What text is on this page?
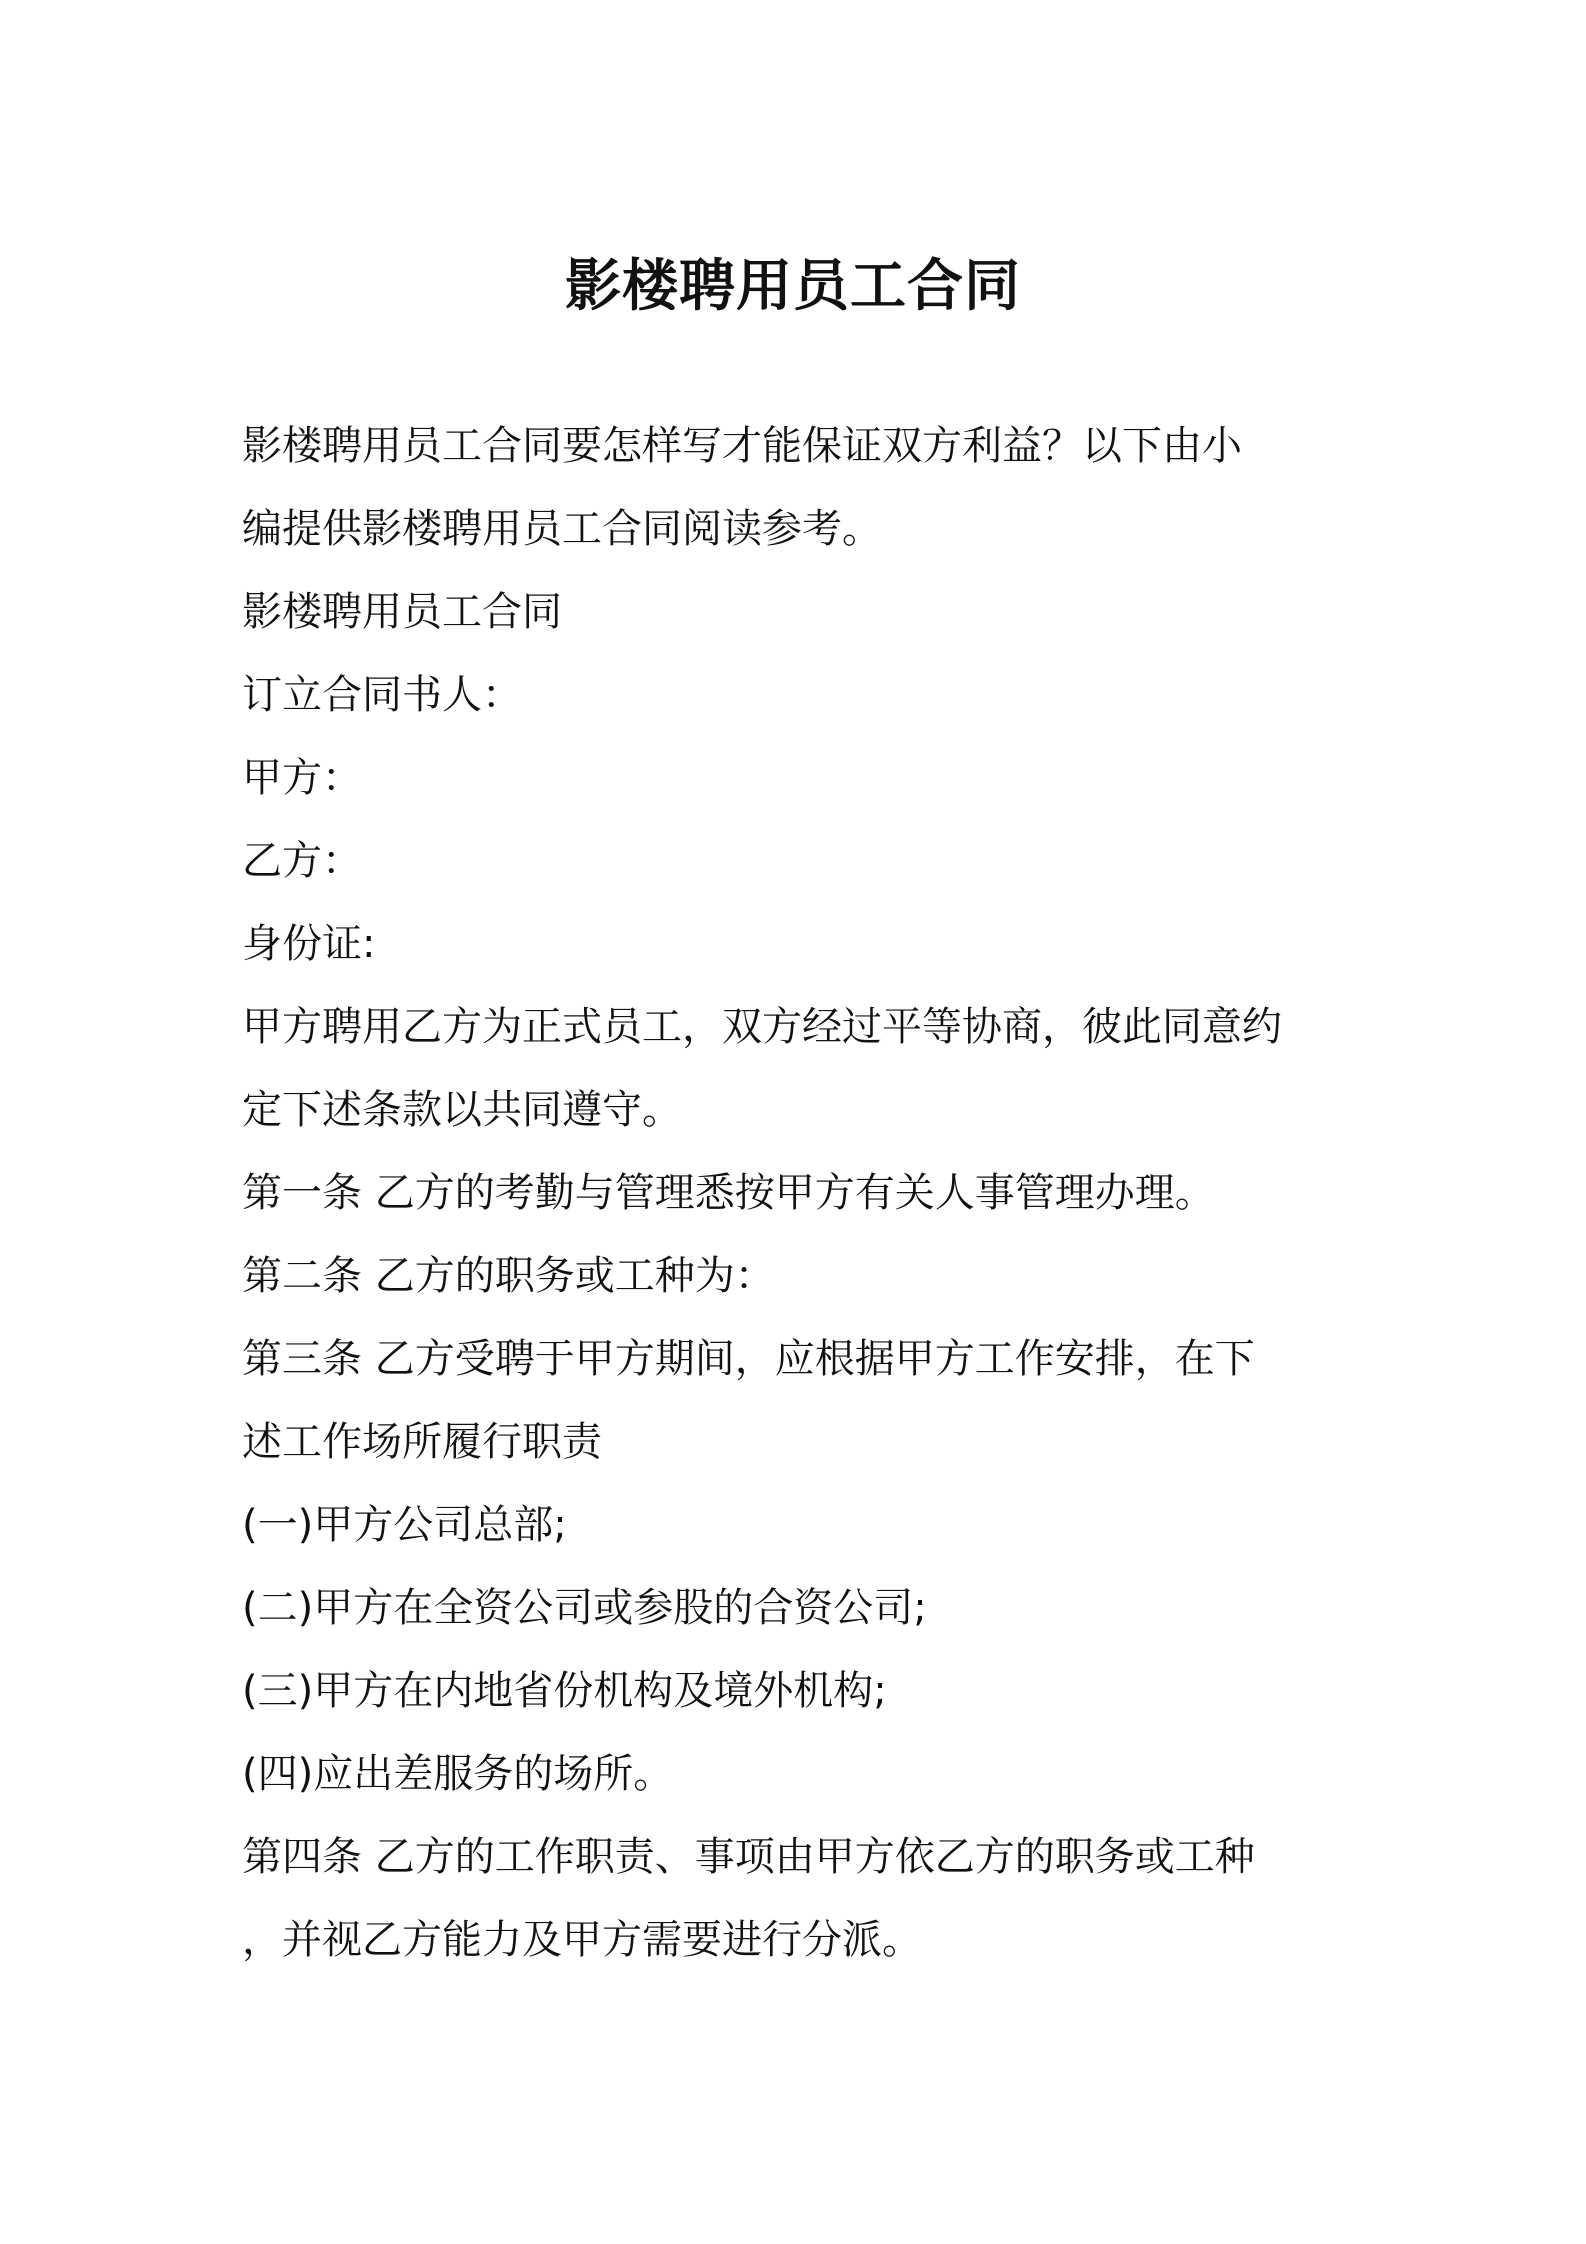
影楼聘用员工合同

影楼聘用员工合同要怎样写才能保证双方利益？以下由小

编提供影楼聘用员工合同阅读参考。

影楼聘用员工合同

订立合同书人：

甲方：

乙方：

身份证:

甲方聘用乙方为正式员工，双方经过平等协商，彼此同意约

定下述条款以共同遵守。

第一条 乙方的考勤与管理悉按甲方有关人事管理办理。

第二条 乙方的职务或工种为：

第三条 乙方受聘于甲方期间，应根据甲方工作安排，在下

述工作场所履行职责

(一)甲方公司总部;

(二)甲方在全资公司或参股的合资公司;

(三)甲方在内地省份机构及境外机构;

(四)应出差服务的场所。

第四条 乙方的工作职责、事项由甲方依乙方的职务或工种

，并视乙方能力及甲方需要进行分派。
